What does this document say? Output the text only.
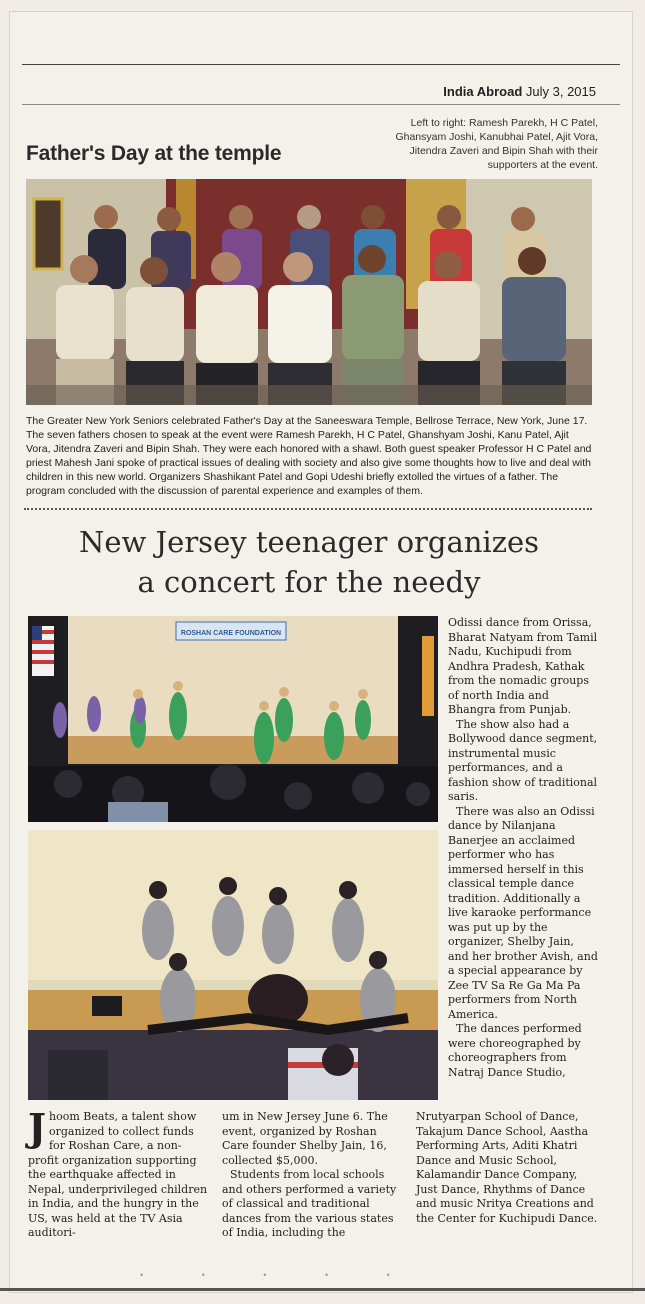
India Abroad July 3, 2015
Father's Day at the temple
Left to right: Ramesh Parekh, H C Patel, Ghansyam Joshi, Kanubhai Patel, Ajit Vora, Jitendra Zaveri and Bipin Shah with their supporters at the event.
The Greater New York Seniors celebrated Father's Day at the Saneeswara Temple, Bellrose Terrace, New York, June 17. The seven fathers chosen to speak at the event were Ramesh Parekh, H C Patel, Ghanshyam Joshi, Kanu Patel, Ajit Vora, Jitendra Zaveri and Bipin Shah. They were each honored with a shawl. Both guest speaker Professor H C Patel and priest Mahesh Jani spoke of practical issues of dealing with society and also give some thoughts how to live and deal with children in this new world. Organizers Shashikant Patel and Gopi Udeshi briefly extolled the virtues of a father. The program concluded with the discussion of parental experience and examples of them.
New Jersey teenager organizes
a concert for the needy
ROSHAN CARE FOUNDATION

Odissi dance from Orissa, Bharat Natyam from Tamil Nadu, Kuchipudi from Andhra Pradesh, Kathak from the nomadic groups of north India and Bhangra from Punjab.

The show also had a Bollywood dance segment, instrumental music performances, and a fashion show of traditional saris.

There was also an Odissi dance by Nilanjana Banerjee an acclaimed performer who has immersed herself in this classical temple dance tradition. Additionally a live karaoke performance was put up by the organizer, Shelby Jain, and her brother Avish, and a special appearance by Zee TV Sa Re Ga Ma Pa performers from North America.

The dances performed were choreographed by choreographers from Natraj Dance Studio,

J hoom Beats, a talent show organized to collect funds for Roshan Care, a non-profit organization supporting the earthquake affected in Nepal, underprivileged children in India, and the hungry in the US, was held at the TV Asia auditori-

um in New Jersey June 6. The event, organized by Roshan Care founder Shelby Jain, 16, collected $5,000.

Students from local schools and others performed a variety of classical and traditional dances from the various states of India, including the

Nrutyarpan School of Dance, Takajum Dance School, Aastha Performing Arts, Aditi Khatri Dance and Music School, Kalamandir Dance Company, Just Dance, Rhythms of Dance and music Nritya Creations and the Center for Kuchipudi Dance.

• • • • •
